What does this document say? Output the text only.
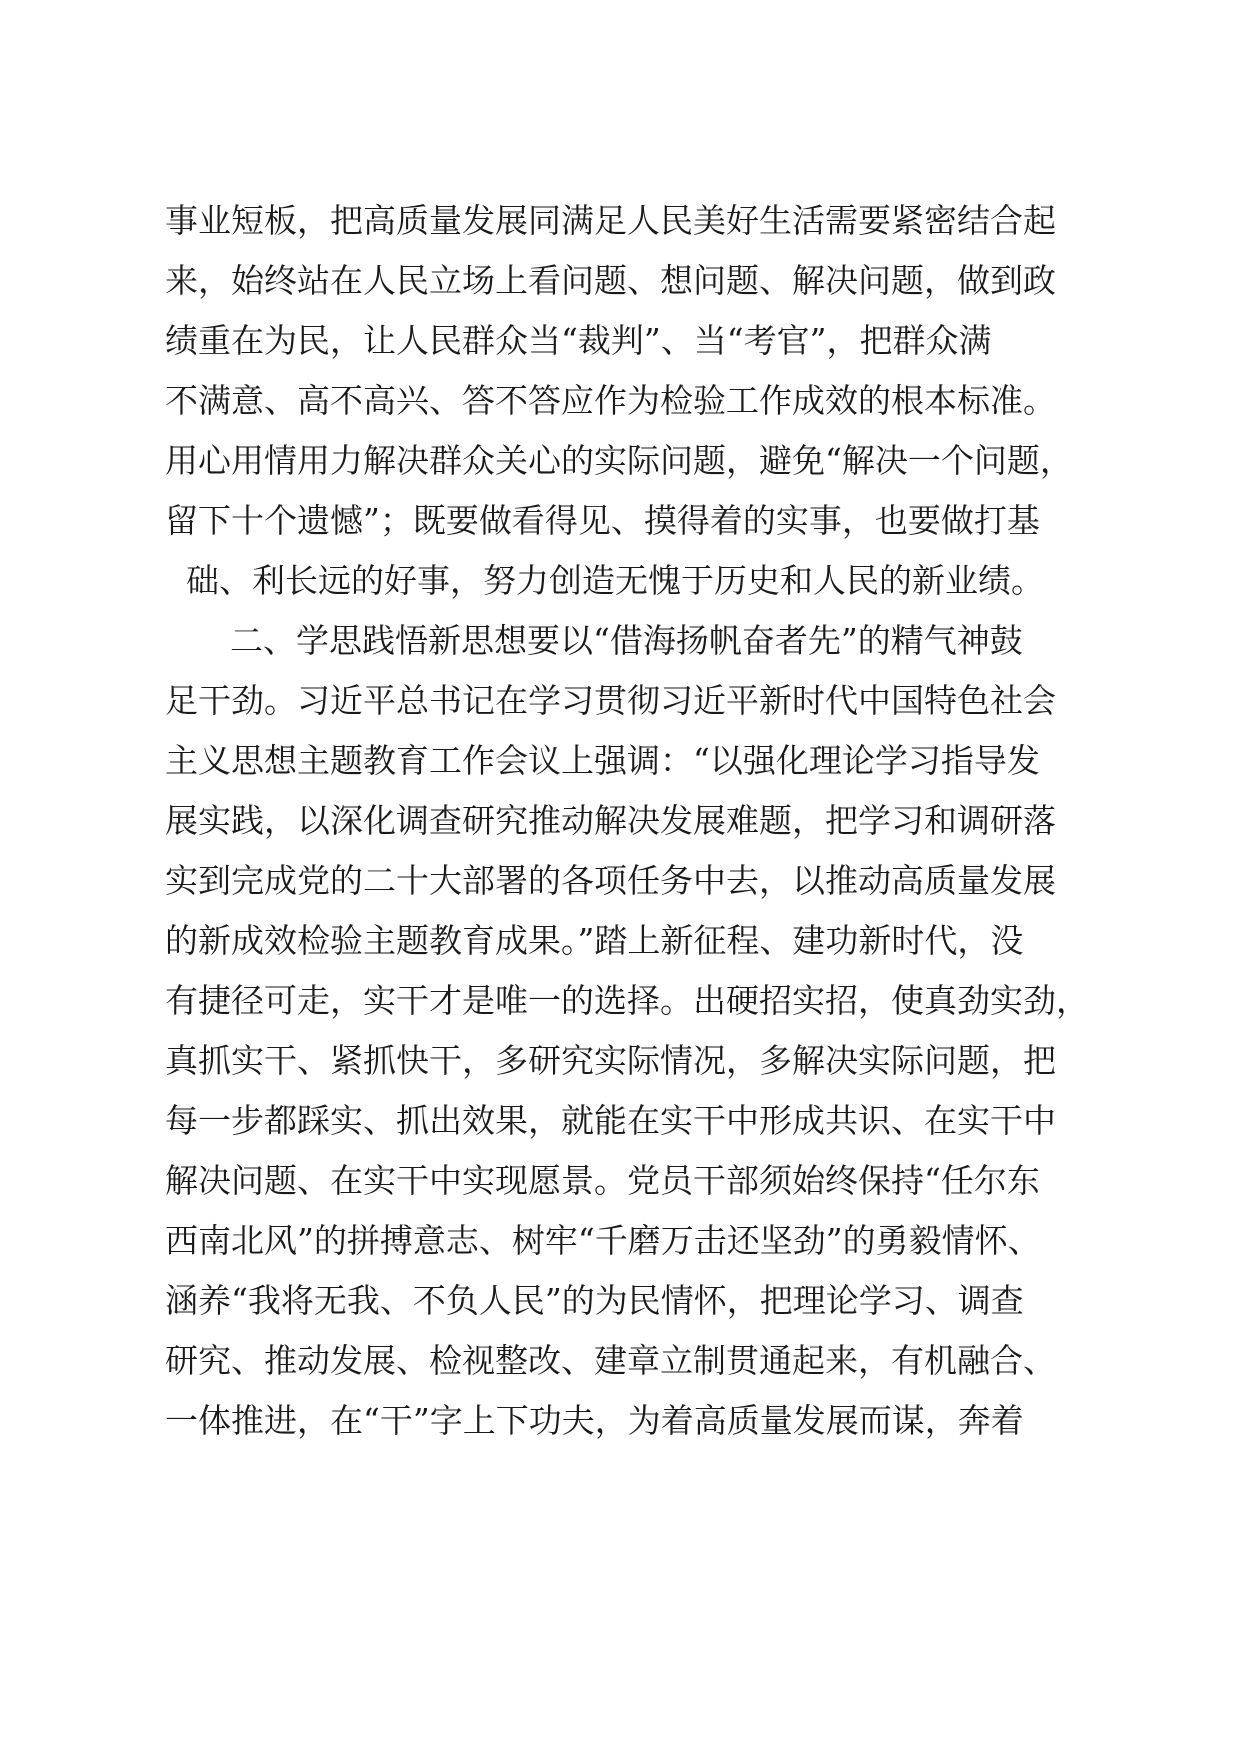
事业短板，把高质量发展同满足人民美好生活需要紧密结合起
来，始终站在人民立场上看问题、想问题、解决问题，做到政
绩重在为民，让人民群众当“裁判”、当“考官”，把群众满
不满意、高不高兴、答不答应作为检验工作成效的根本标准。
用心用情用力解决群众关心的实际问题，避免“解决一个问题，
留下十个遗憾”；既要做看得见、摸得着的实事，也要做打基
础、利长远的好事，努力创造无愧于历史和人民的新业绩。
二、学思践悟新思想要以“借海扬帆奋者先”的精气神鼓
足干劲。习近平总书记在学习贯彻习近平新时代中国特色社会
主义思想主题教育工作会议上强调：“以强化理论学习指导发
展实践，以深化调查研究推动解决发展难题，把学习和调研落
实到完成党的二十大部署的各项任务中去，以推动高质量发展
的新成效检验主题教育成果。”踏上新征程、建功新时代，没
有捷径可走，实干才是唯一的选择。出硬招实招，使真劲实劲，
真抓实干、紧抓快干，多研究实际情况，多解决实际问题，把
每一步都踩实、抓出效果，就能在实干中形成共识、在实干中
解决问题、在实干中实现愿景。党员干部须始终保持“任尔东
西南北风”的拼搏意志、树牢“千磨万击还坚劲”的勇毅情怀、
涵养“我将无我、不负人民”的为民情怀，把理论学习、调查
研究、推动发展、检视整改、建章立制贯通起来，有机融合、
一体推进，在“干”字上下功夫，为着高质量发展而谋，奔着
